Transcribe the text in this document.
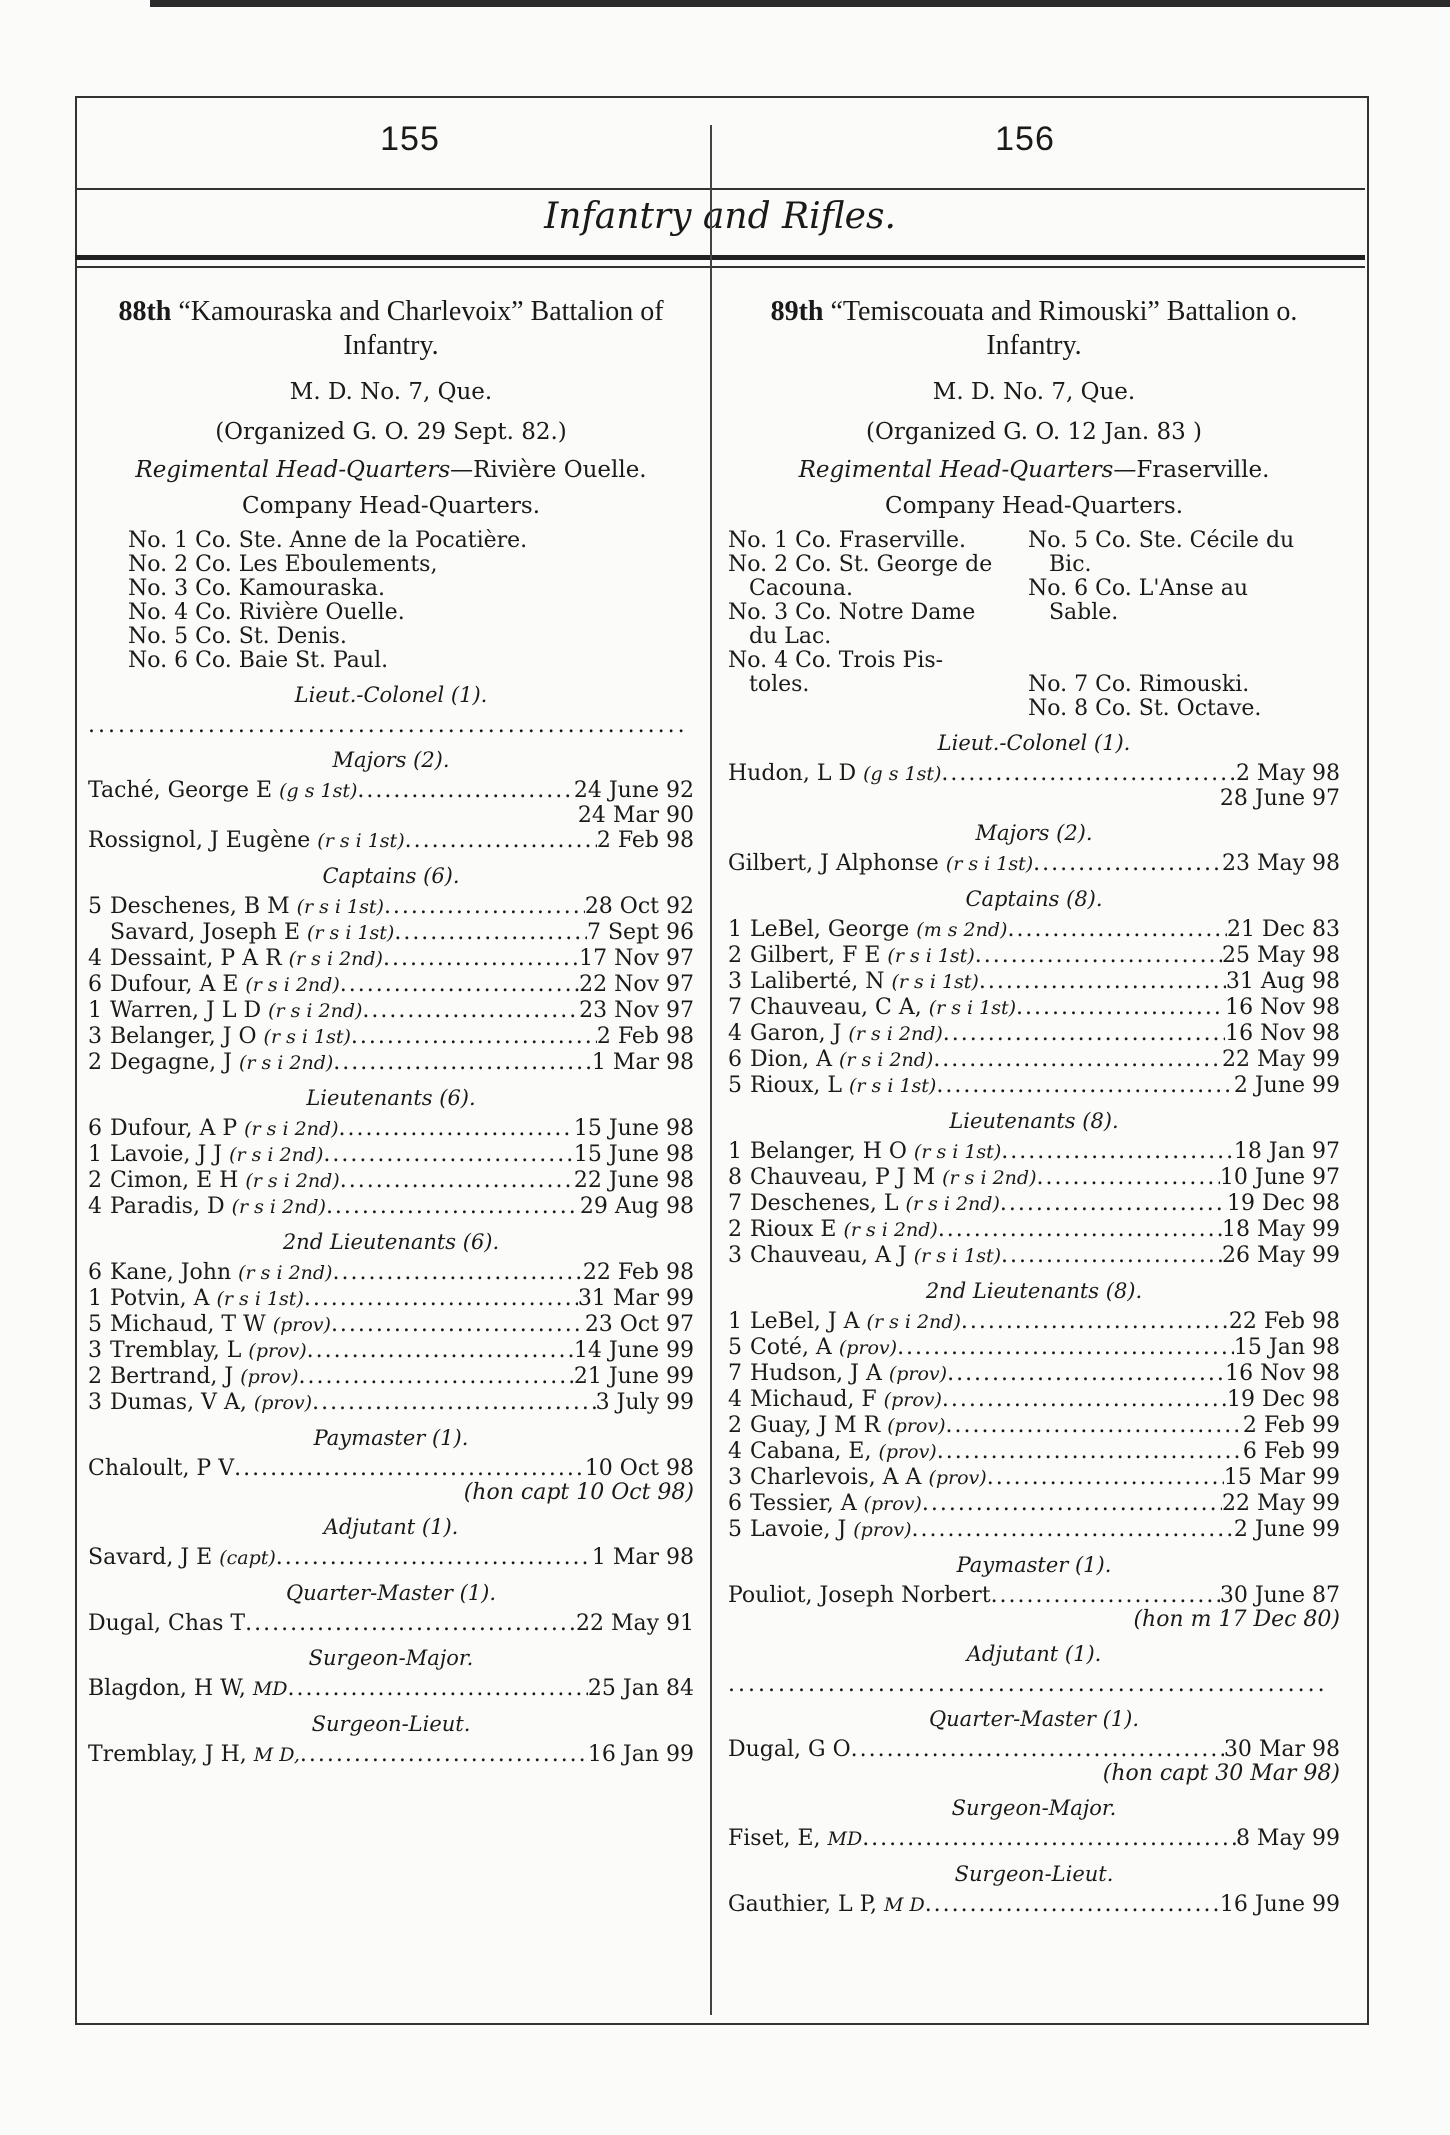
155	156
Infantry and Rifles.
88th “Kamouraska and Charlevoix” Battalion of Infantry.
M. D. No. 7, Que.
(Organized G. O. 29 Sept. 82.)
Regimental Head-Quarters—Rivière Ouelle.
Company Head-Quarters.
No. 1 Co. Ste. Anne de la Pocatière.
No. 2 Co. Les Eboulements,
No. 3 Co. Kamouraska.
No. 4 Co. Rivière Ouelle.
No. 5 Co. St. Denis.
No. 6 Co. Baie St. Paul.
Lieut.-Colonel (1).
............................................................
Majors (2).
Taché, George E (g s 1st) .....	24 June 92
24 Mar 90
Rossignol, J Eugène (r s i 1st) .....	2 Feb 98
Captains (6).
5 Deschenes, B M (r s i 1st) .....	28 Oct 92
Savard, Joseph E (r s i 1st) .....	7 Sept 96
4 Dessaint, P A R (r s i 2nd) .....	17 Nov 97
6 Dufour, A E (r s i 2nd) .....	22 Nov 97
1 Warren, J L D (r s i 2nd) .....	23 Nov 97
3 Belanger, J O (r s i 1st) .....	2 Feb 98
2 Degagne, J (r s i 2nd) .....	1 Mar 98
Lieutenants (6).
6 Dufour, A P (r s i 2nd) .....	15 June 98
1 Lavoie, J J (r s i 2nd) .....	15 June 98
2 Cimon, E H (r s i 2nd) .....	22 June 98
4 Paradis, D (r s i 2nd) .....	29 Aug 98
2nd Lieutenants (6).
6 Kane, John (r s i 2nd) .....	22 Feb 98
1 Potvin, A (r s i 1st) .....	31 Mar 99
5 Michaud, T W (prov) .....	23 Oct 97
3 Tremblay, L (prov) .....	14 June 99
2 Bertrand, J (prov) .....	21 June 99
3 Dumas, V A, (prov) .....	3 July 99
Paymaster (1).
Chaloult, P V .....	10 Oct 98
(hon capt 10 Oct 98)
Adjutant (1).
Savard, J E (capt) .....	1 Mar 98
Quarter-Master (1).
Dugal, Chas T .....	22 May 91
Surgeon-Major.
Blagdon, H W, MD .....	25 Jan 84
Surgeon-Lieut.
Tremblay, J H, M D, .....	16 Jan 99
89th “Temiscouata and Rimouski” Battalion o. Infantry.
M. D. No. 7, Que.
(Organized G. O. 12 Jan. 83 )
Regimental Head-Quarters—Fraserville.
Company Head-Quarters.
No. 1 Co. Fraserville.
No. 2 Co. St. George de
Cacouna.
No. 3 Co. Notre Dame
du Lac.
No. 4 Co. Trois Pis-
toles.
No. 5 Co. Ste. Cécile du
Bic.
No. 6 Co. L'Anse au
Sable.

No. 7 Co. Rimouski.
No. 8 Co. St. Octave.
Lieut.-Colonel (1).
Hudon, L D (g s 1st) .....	2 May 98
28 June 97
Majors (2).
Gilbert, J Alphonse (r s i 1st) .....	23 May 98
Captains (8).
1 LeBel, George (m s 2nd) .....	21 Dec 83
2 Gilbert, F E (r s i 1st) .....	25 May 98
3 Laliberté, N (r s i 1st) .....	31 Aug 98
7 Chauveau, C A, (r s i 1st) .....	16 Nov 98
4 Garon, J (r s i 2nd) .....	16 Nov 98
6 Dion, A (r s i 2nd) .....	22 May 99
5 Rioux, L (r s i 1st) .....	2 June 99
Lieutenants (8).
1 Belanger, H O (r s i 1st) .....	18 Jan 97
8 Chauveau, P J M (r s i 2nd) .....	10 June 97
7 Deschenes, L (r s i 2nd) .....	19 Dec 98
2 Rioux E (r s i 2nd) .....	18 May 99
3 Chauveau, A J (r s i 1st) .....	26 May 99
2nd Lieutenants (8).
1 LeBel, J A (r s i 2nd) .....	22 Feb 98
5 Coté, A (prov) .....	15 Jan 98
7 Hudson, J A (prov) .....	16 Nov 98
4 Michaud, F (prov) .....	19 Dec 98
2 Guay, J M R (prov) .....	2 Feb 99
4 Cabana, E, (prov) .....	6 Feb 99
3 Charlevois, A A (prov) .....	15 Mar 99
6 Tessier, A (prov) .....	22 May 99
5 Lavoie, J (prov) .....	2 June 99
Paymaster (1).
Pouliot, Joseph Norbert .....	30 June 87
(hon m 17 Dec 80)
Adjutant (1).
............................................................
Quarter-Master (1).
Dugal, G O .....	30 Mar 98
(hon capt 30 Mar 98)
Surgeon-Major.
Fiset, E, MD .....	8 May 99
Surgeon-Lieut.
Gauthier, L P, M D .....	16 June 99
